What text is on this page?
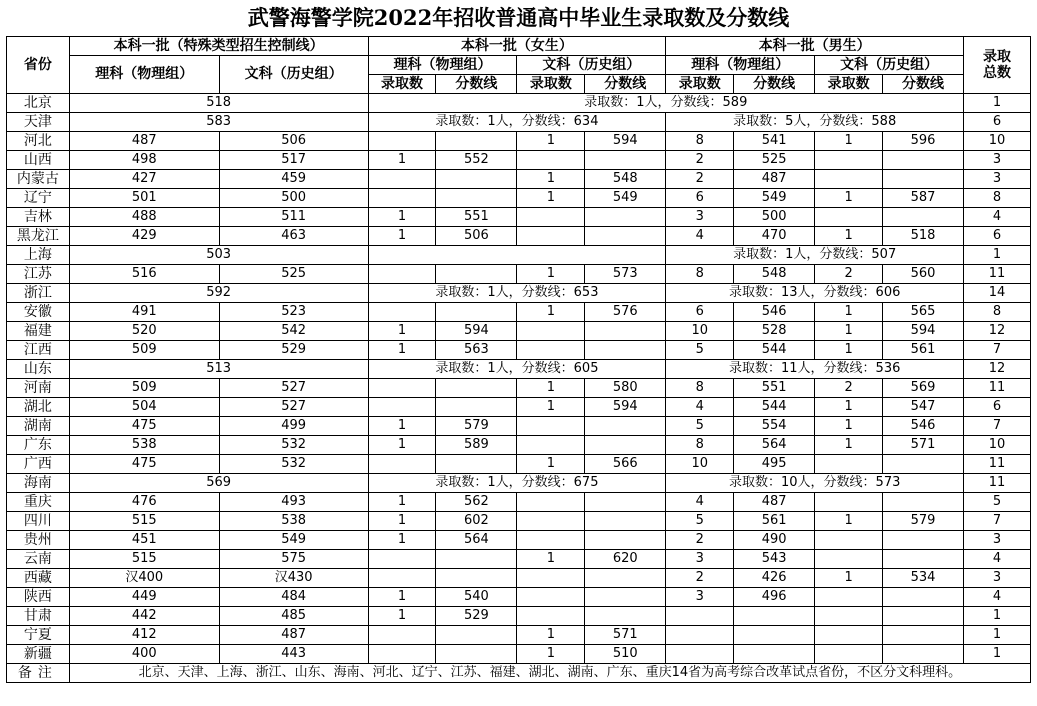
武警海警学院2022年招收普通高中毕业生录取数及分数线
省份	本科一批（特殊类型招生控制线）		本科一批（女生）				本科一批（男生）				录取
总数

	理科（物理组）	文科（历史组）	理科（物理组）		文科（历史组）		理科（物理组）		文科（历史组）		
			录取数	分数线	录取数	分数线	录取数	分数线	录取数	分数线	
北京	518		录取数：1人，分数线：589								1
天津	583		录取数：1人，分数线：634				录取数：5人，分数线：588				6
河北	487	506			1	594	8	541	1	596	10
山西	498	517	1	552			2	525			3
内蒙古	427	459			1	548	2	487			3
辽宁	501	500			1	549	6	549	1	587	8
吉林	488	511	1	551			3	500			4
黑龙江	429	463	1	506			4	470	1	518	6
上海	503						录取数：1人，分数线：507				1
江苏	516	525			1	573	8	548	2	560	11
浙江	592		录取数：1人，分数线：653				录取数：13人，分数线：606				14
安徽	491	523			1	576	6	546	1	565	8
福建	520	542	1	594			10	528	1	594	12
江西	509	529	1	563			5	544	1	561	7
山东	513		录取数：1人，分数线：605				录取数：11人，分数线：536				12
河南	509	527			1	580	8	551	2	569	11
湖北	504	527			1	594	4	544	1	547	6
湖南	475	499	1	579			5	554	1	546	7
广东	538	532	1	589			8	564	1	571	10
广西	475	532			1	566	10	495			11
海南	569		录取数：1人，分数线：675				录取数：10人，分数线：573				11
重庆	476	493	1	562			4	487			5
四川	515	538	1	602			5	561	1	579	7
贵州	451	549	1	564			2	490			3
云南	515	575			1	620	3	543			4
西藏	汉400	汉430					2	426	1	534	3
陕西	449	484	1	540			3	496			4
甘肃	442	485	1	529							1
宁夏	412	487			1	571					1
新疆	400	443			1	510					1
备注	北京、天津、上海、浙江、山东、海南、河北、辽宁、江苏、福建、湖北、湖南、广东、重庆14省为高考综合改革试点省份，不区分文科理科。										
